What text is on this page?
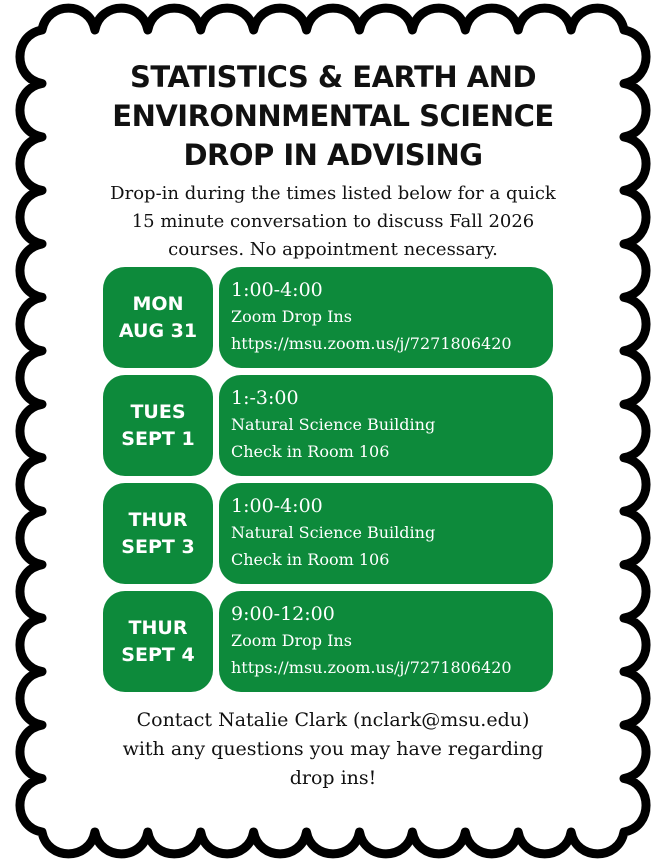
STATISTICS & EARTH AND
ENVIRONNMENTAL SCIENCE
DROP IN ADVISING
Drop-in during the times listed below for a quick
15 minute conversation to discuss Fall 2026
courses. No appointment necessary.
MON
AUG 31
1:00-4:00
Zoom Drop Ins
https://msu.zoom.us/j/7271806420
TUES
SEPT 1
1:-3:00
Natural Science Building
Check in Room 106
THUR
SEPT 3
1:00-4:00
Natural Science Building
Check in Room 106
THUR
SEPT 4
9:00-12:00
Zoom Drop Ins
https://msu.zoom.us/j/7271806420
Contact Natalie Clark (nclark@msu.edu)
with any questions you may have regarding
drop ins!
